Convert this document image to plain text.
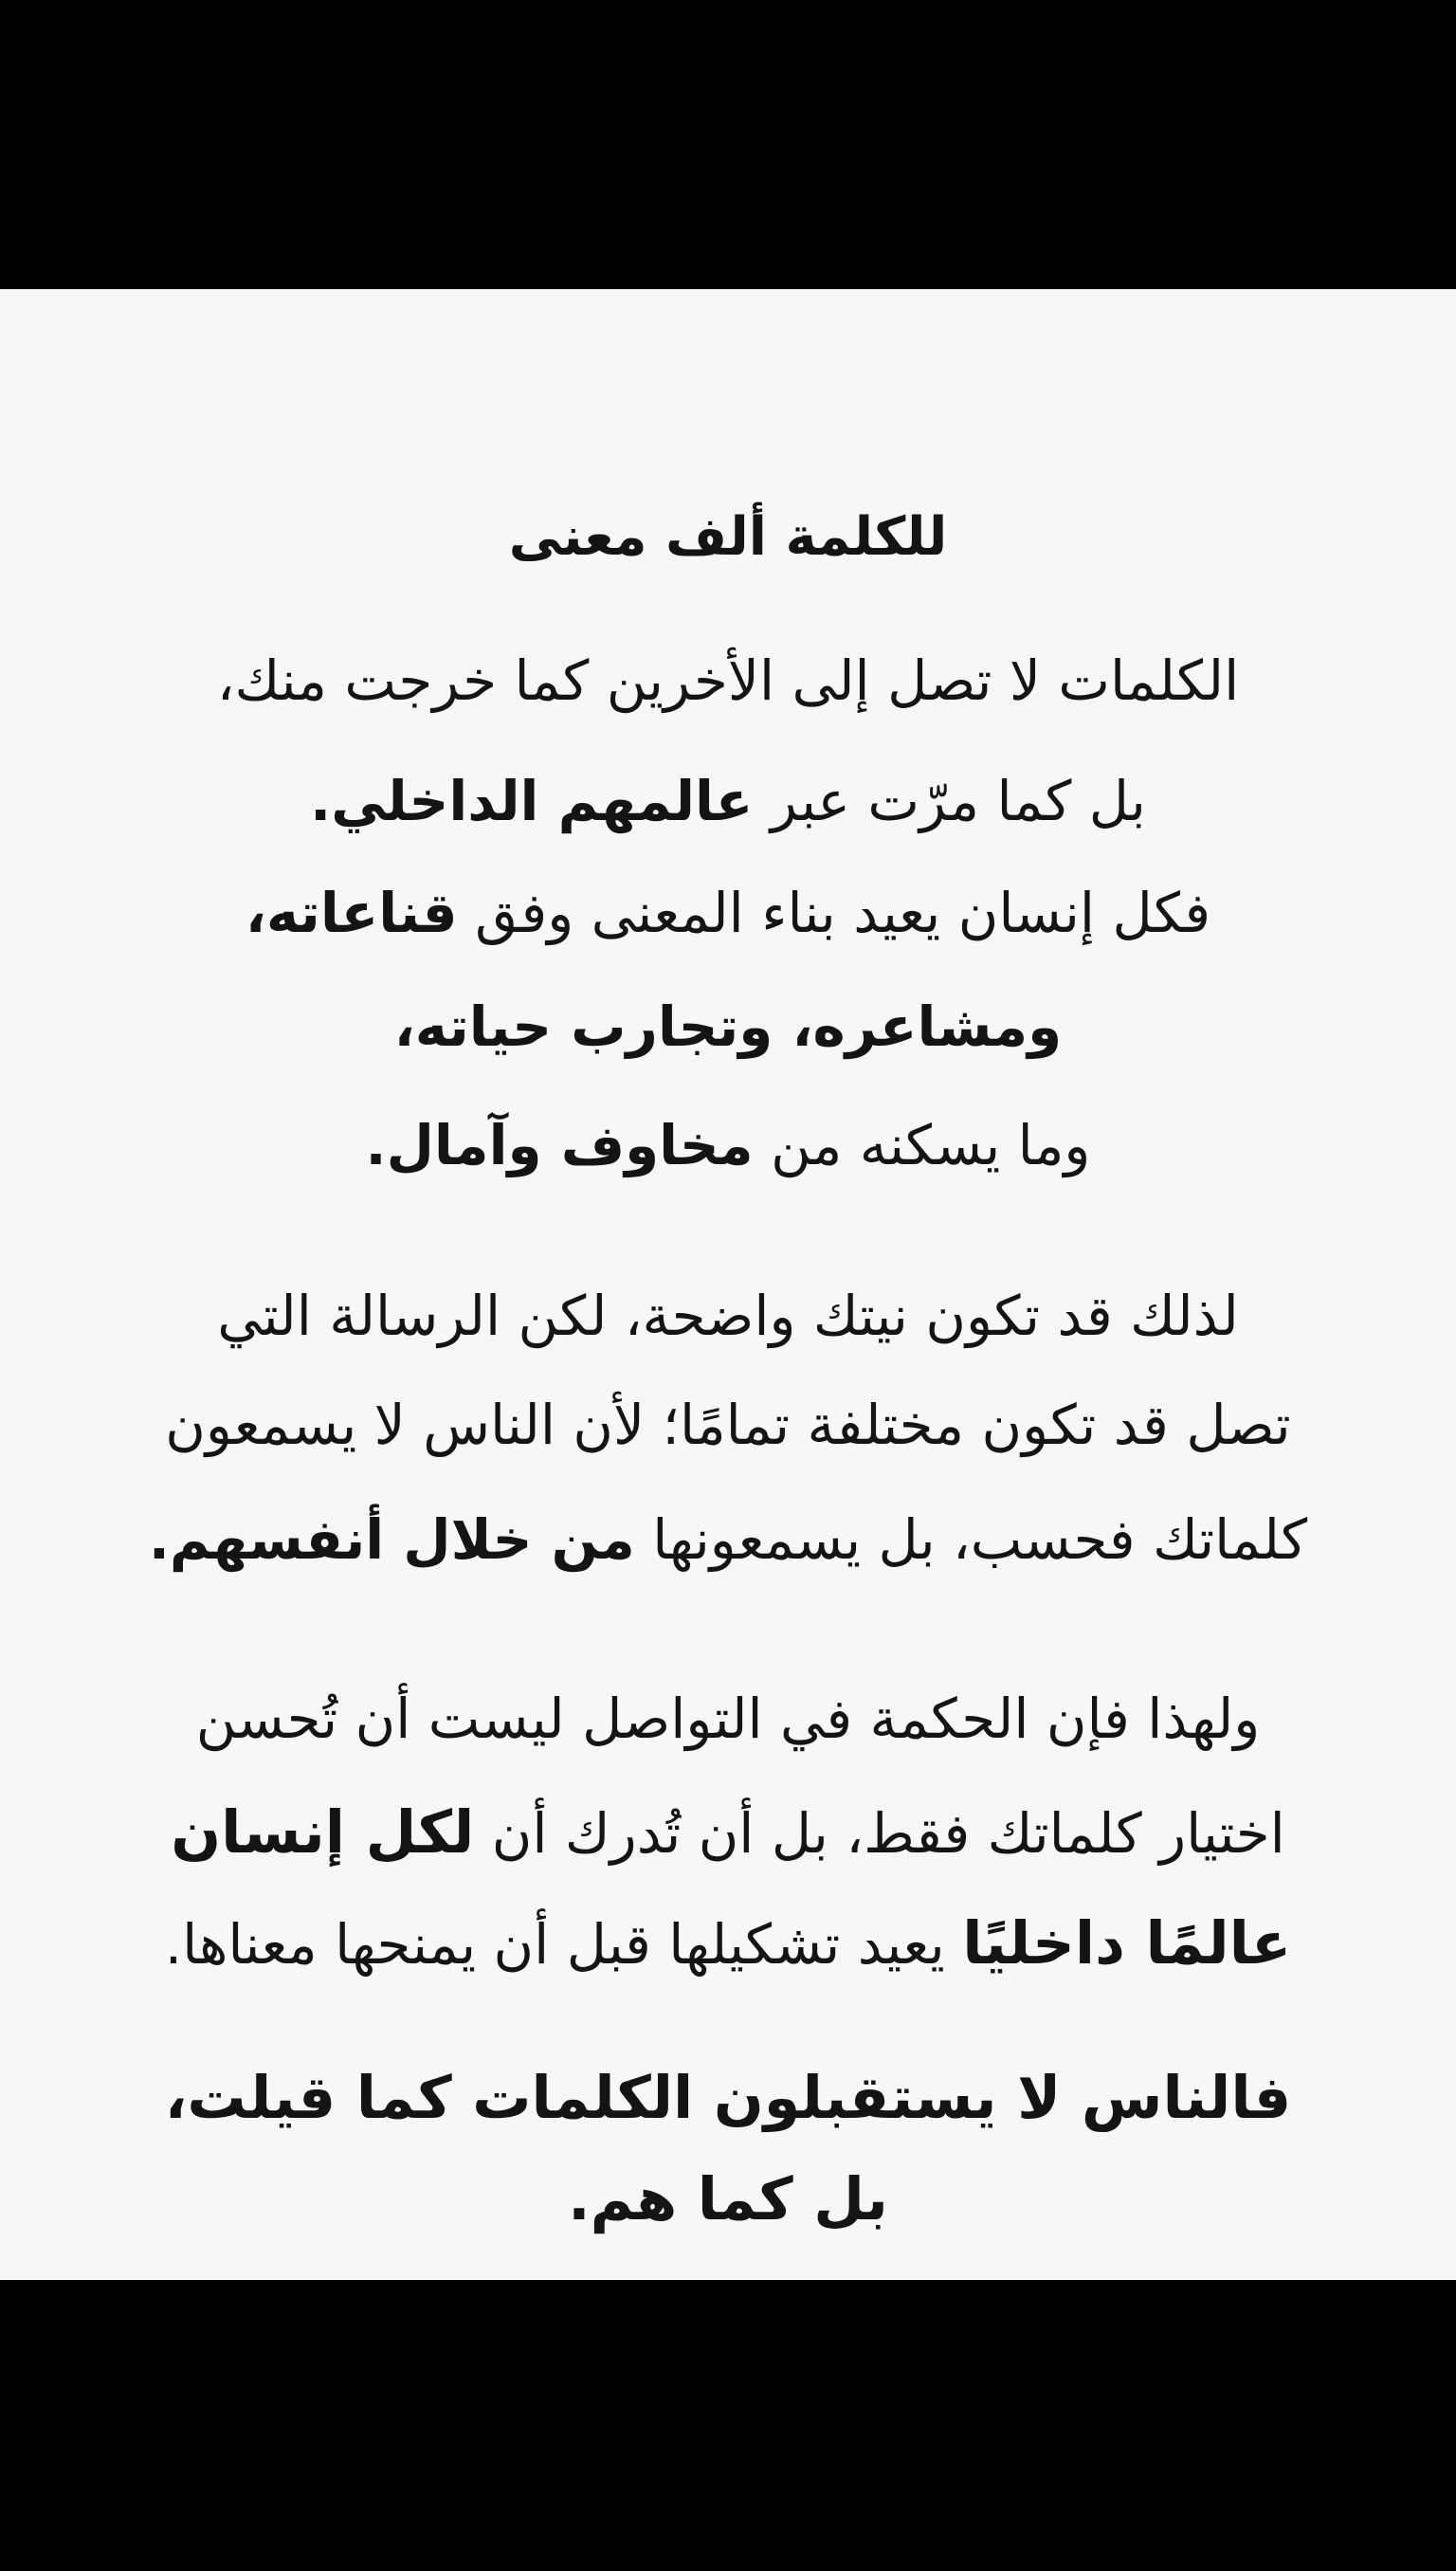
للكلمة ألف معنى
الكلمات لا تصل إلى الأخرين كما خرجت منك،
بل كما مرّت عبر عالمهم الداخلي.
فكل إنسان يعيد بناء المعنى وفق قناعاته،
ومشاعره، وتجارب حياته،
وما يسكنه من مخاوف وآمال.
لذلك قد تكون نيتك واضحة، لكن الرسالة التي
تصل قد تكون مختلفة تمامًا؛ لأن الناس لا يسمعون
كلماتك فحسب، بل يسمعونها من خلال أنفسهم.
ولهذا فإن الحكمة في التواصل ليست أن تُحسن
اختيار كلماتك فقط، بل أن تُدرك أن لكل إنسان
عالمًا داخليًا يعيد تشكيلها قبل أن يمنحها معناها.
فالناس لا يستقبلون الكلمات كما قيلت،
بل كما هم.
